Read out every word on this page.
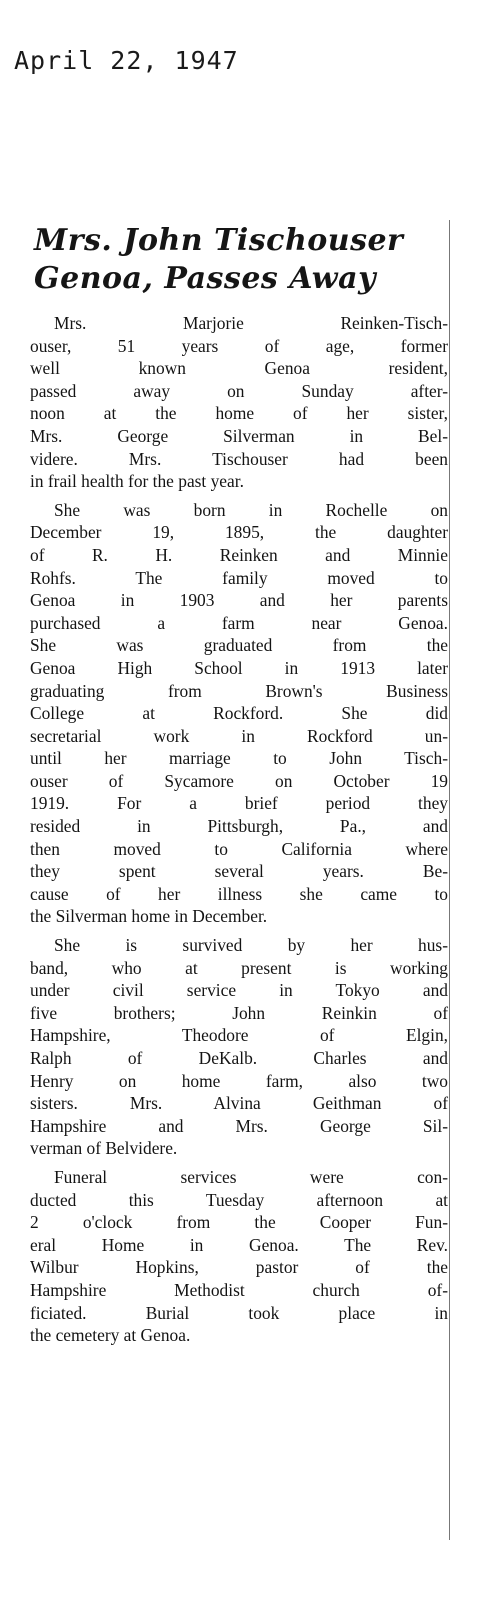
April 22, 1947
Mrs. John Tischouser
Genoa, Passes Away
Mrs. Marjorie Reinken-Tisch-
ouser, 51 years of age, former
well known Genoa resident,
passed away on Sunday after-
noon at the home of her sister,
Mrs. George Silverman in Bel-
videre. Mrs. Tischouser had been
in frail health for the past year.
She was born in Rochelle on
December 19, 1895, the daughter
of R. H. Reinken and Minnie
Rohfs. The family moved to
Genoa in 1903 and her parents
purchased a farm near Genoa.
She was graduated from the
Genoa High School in 1913 later
graduating from Brown's Business
College at Rockford. She did
secretarial work in Rockford un-
until her marriage to John Tisch-
ouser of Sycamore on October 19
1919. For a brief period they
resided in Pittsburgh, Pa., and
then moved to California where
they spent several years. Be-
cause of her illness she came to
the Silverman home in December.
She is survived by her hus-
band, who at present is working
under civil service in Tokyo and
five brothers; John Reinkin of
Hampshire, Theodore of Elgin,
Ralph of DeKalb. Charles and
Henry on home farm, also two
sisters. Mrs. Alvina Geithman of
Hampshire and Mrs. George Sil-
verman of Belvidere.
Funeral services were con-
ducted this Tuesday afternoon at
2 o'clock from the Cooper Fun-
eral Home in Genoa. The Rev.
Wilbur Hopkins, pastor of the
Hampshire Methodist church of-
ficiated. Burial took place in
the cemetery at Genoa.
